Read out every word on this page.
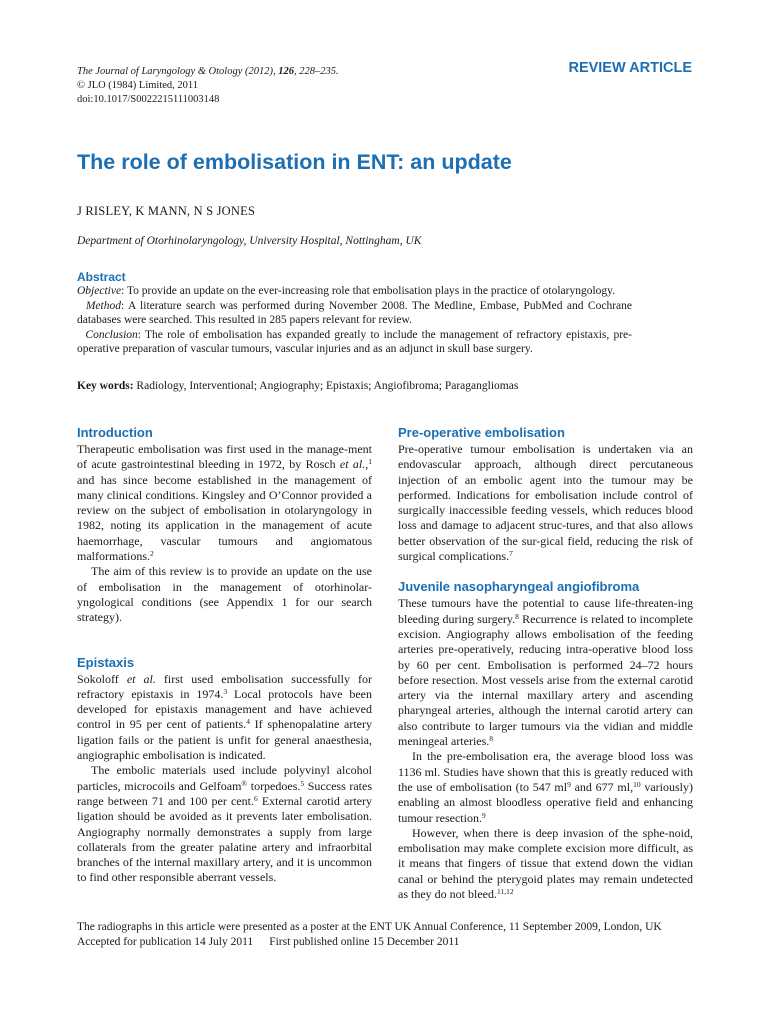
The Journal of Laryngology & Otology (2012), 126, 228–235.
© JLO (1984) Limited, 2011
doi:10.1017/S0022215111003148
REVIEW ARTICLE
The role of embolisation in ENT: an update
J RISLEY, K MANN, N S JONES
Department of Otorhinolaryngology, University Hospital, Nottingham, UK
Abstract

Objective: To provide an update on the ever-increasing role that embolisation plays in the practice of otolaryngology.

Method: A literature search was performed during November 2008. The Medline, Embase, PubMed and Cochrane databases were searched. This resulted in 285 papers relevant for review.

Conclusion: The role of embolisation has expanded greatly to include the management of refractory epistaxis, pre-operative preparation of vascular tumours, vascular injuries and as an adjunct in skull base surgery.

Key words: Radiology, Interventional; Angiography; Epistaxis; Angiofibroma; Paragangliomas
Introduction

Therapeutic embolisation was first used in the manage-ment of acute gastrointestinal bleeding in 1972, by Rosch et al.,$^1$ and has since become established in the management of many clinical conditions. Kingsley and O’Connor provided a review on the subject of embolisation in otolaryngology in 1982, noting its application in the management of acute haemorrhage, vascular tumours and angiomatous malformations.$^2$

The aim of this review is to provide an update on the use of embolisation in the management of otorhinolar-yngological conditions (see Appendix 1 for our search strategy).

Epistaxis

Sokoloff et al. first used embolisation successfully for refractory epistaxis in 1974.$^3$ Local protocols have been developed for epistaxis management and have achieved control in 95 per cent of patients.$^4$ If sphenopalatine artery ligation fails or the patient is unfit for general anaesthesia, angiographic embolisation is indicated.

The embolic materials used include polyvinyl alcohol particles, microcoils and Gelfoam® torpedoes.$^5$ Success rates range between 71 and 100 per cent.$^6$ External carotid artery ligation should be avoided as it prevents later embolisation. Angiography normally demonstrates a supply from large collaterals from the greater palatine artery and infraorbital branches of the internal maxillary artery, and it is uncommon to find other responsible aberrant vessels.

Pre-operative embolisation

Pre-operative tumour embolisation is undertaken via an endovascular approach, although direct percutaneous injection of an embolic agent into the tumour may be performed. Indications for embolisation include control of surgically inaccessible feeding vessels, which reduces blood loss and damage to adjacent struc-tures, and that also allows better observation of the sur-gical field, reducing the risk of surgical complications.$^7$

Juvenile nasopharyngeal angiofibroma

These tumours have the potential to cause life-threaten-ing bleeding during surgery.$^8$ Recurrence is related to incomplete excision. Angiography allows embolisation of the feeding arteries pre-operatively, reducing intra-operative blood loss by 60 per cent. Embolisation is performed 24–72 hours before resection. Most vessels arise from the external carotid artery via the internal maxillary artery and ascending pharyngeal arteries, although the internal carotid artery can also contribute to larger tumours via the vidian and middle meningeal arteries.$^8$

In the pre-embolisation era, the average blood loss was 1136 ml. Studies have shown that this is greatly reduced with the use of embolisation (to 547 $ml^9$ and 677 ml,$^{10}$ variously) enabling an almost bloodless operative field and enhancing tumour resection.$^9$

However, when there is deep invasion of the sphe-noid, embolisation may make complete excision more difficult, as it means that fingers of tissue that extend down the vidian canal or behind the pterygoid plates may remain undetected as they do not bleed.$^{11,12}$

The radiographs in this article were presented as a poster at the ENT UK Annual Conference, 11 September 2009, London, UK
Accepted for publication 14 July 2011 First published online 15 December 2011
